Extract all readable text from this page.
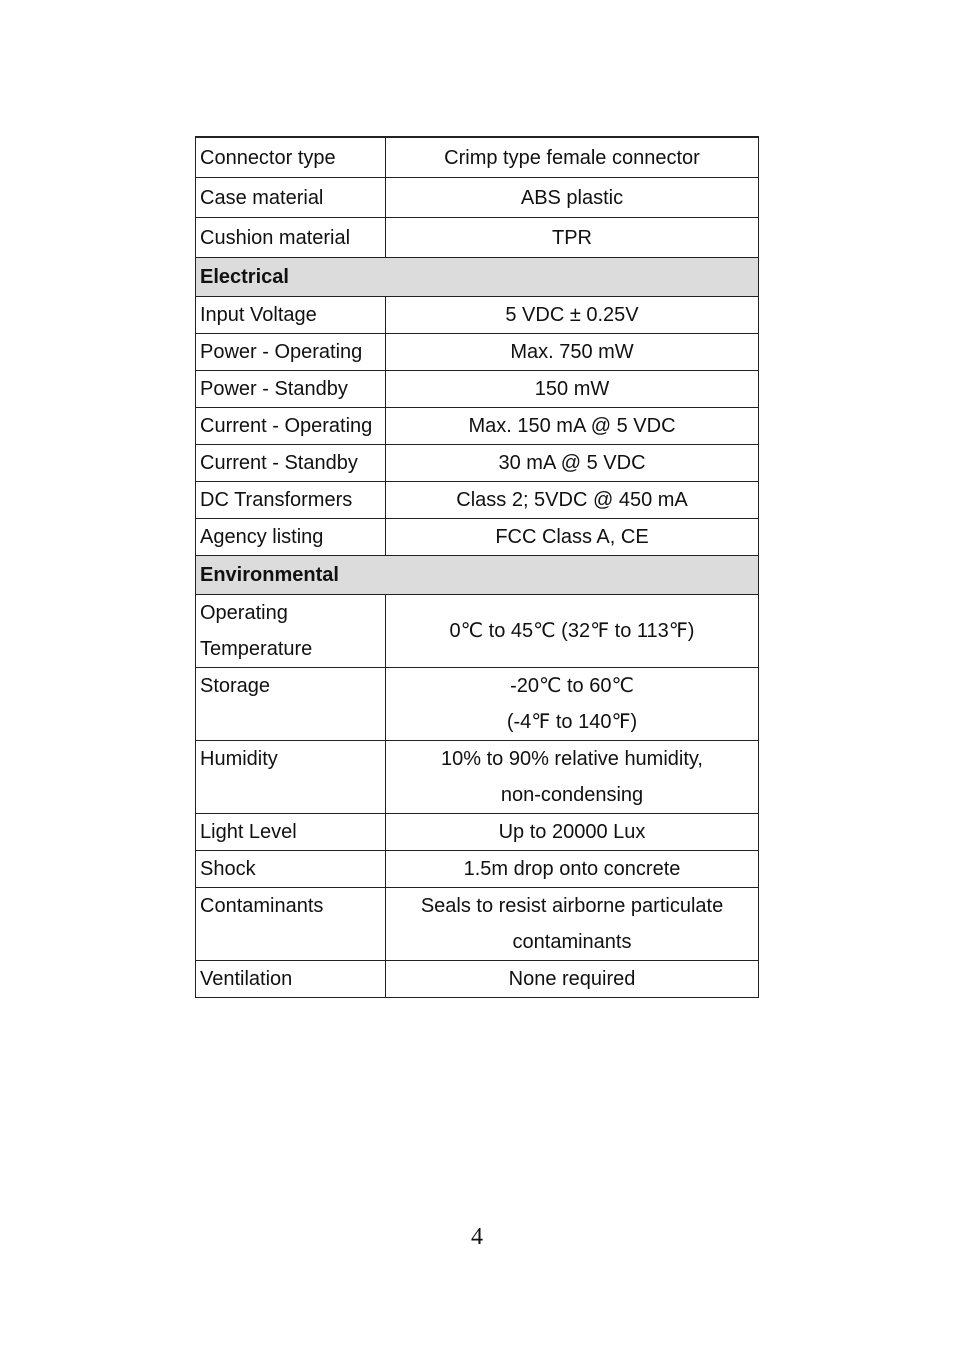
Connector type	Crimp type female connector
Case material	ABS plastic
Cushion material	TPR
Electrical	
Input Voltage	5 VDC ± 0.25V
Power - Operating	Max. 750 mW
Power - Standby	150 mW
Current - Operating	Max. 150 mA @ 5 VDC
Current - Standby	30 mA @ 5 VDC
DC Transformers	Class 2; 5VDC @ 450 mA
Agency listing	FCC Class A, CE
Environmental	

Operating
Temperature	0℃ to 45℃ (32℉ to 113℉)
Storage	-20℃ to 60℃
(-4℉ to 140℉)

Humidity	10% to 90% relative humidity,
non-condensing

Light Level	Up to 20000 Lux
Shock	1.5m drop onto concrete
Contaminants	Seals to resist airborne particulate
contaminants

Ventilation	None required
4
